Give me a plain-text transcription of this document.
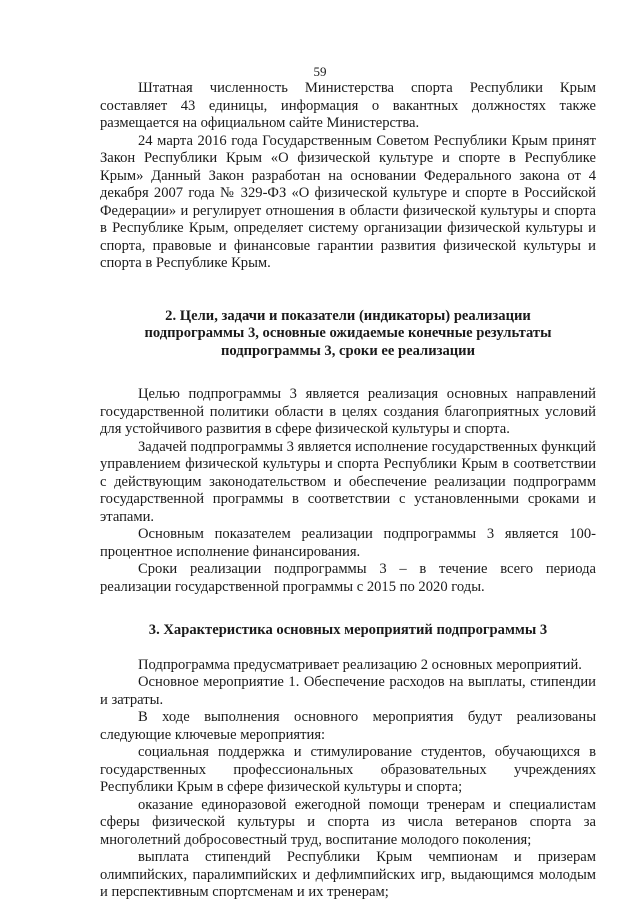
59

Штатная численность Министерства спорта Республики Крым составляет 43 единицы, информация о вакантных должностях также размещается на официальном сайте Министерства.

24 марта 2016 года Государственным Советом Республики Крым принят Закон Республики Крым «О физической культуре и спорте в Республике Крым» Данный Закон разработан на основании Федерального закона от 4 декабря 2007 года № 329-ФЗ «О физической культуре и спорте в Российской Федерации» и регулирует отношения в области физической культуры и спорта в Республике Крым, определяет систему организации физической культуры и спорта, правовые и финансовые гарантии развития физической культуры и спорта в Республике Крым.

2. Цели, задачи и показатели (индикаторы) реализации
подпрограммы 3, основные ожидаемые конечные результаты
подпрограммы 3, сроки ее реализации

Целью подпрограммы 3 является реализация основных направлений государственной политики области в целях создания благоприятных условий для устойчивого развития в сфере физической культуры и спорта.

Задачей подпрограммы 3 является исполнение государственных функций управлением физической культуры и спорта Республики Крым в соответствии с действующим законодательством и обеспечение реализации подпрограмм государственной программы в соответствии с установленными сроками и этапами.

Основным показателем реализации подпрограммы 3 является 100- процентное исполнение финансирования.

Сроки реализации подпрограммы 3 – в течение всего периода реализации государственной программы с 2015 по 2020 годы.

3. Характеристика основных мероприятий подпрограммы 3

Подпрограмма предусматривает реализацию 2 основных мероприятий.

Основное мероприятие 1. Обеспечение расходов на выплаты, стипендии и затраты.

В ходе выполнения основного мероприятия будут реализованы следующие ключевые мероприятия:

социальная поддержка и стимулирование студентов, обучающихся в государственных профессиональных образовательных учреждениях Республики Крым в сфере физической культуры и спорта;

оказание единоразовой ежегодной помощи тренерам и специалистам сферы физической культуры и спорта из числа ветеранов спорта за многолетний добросовестный труд, воспитание молодого поколения;

выплата стипендий Республики Крым чемпионам и призерам олимпийских, паралимпийских и дефлимпийских игр, выдающимся молодым и перспективным спортсменам и их тренерам;
